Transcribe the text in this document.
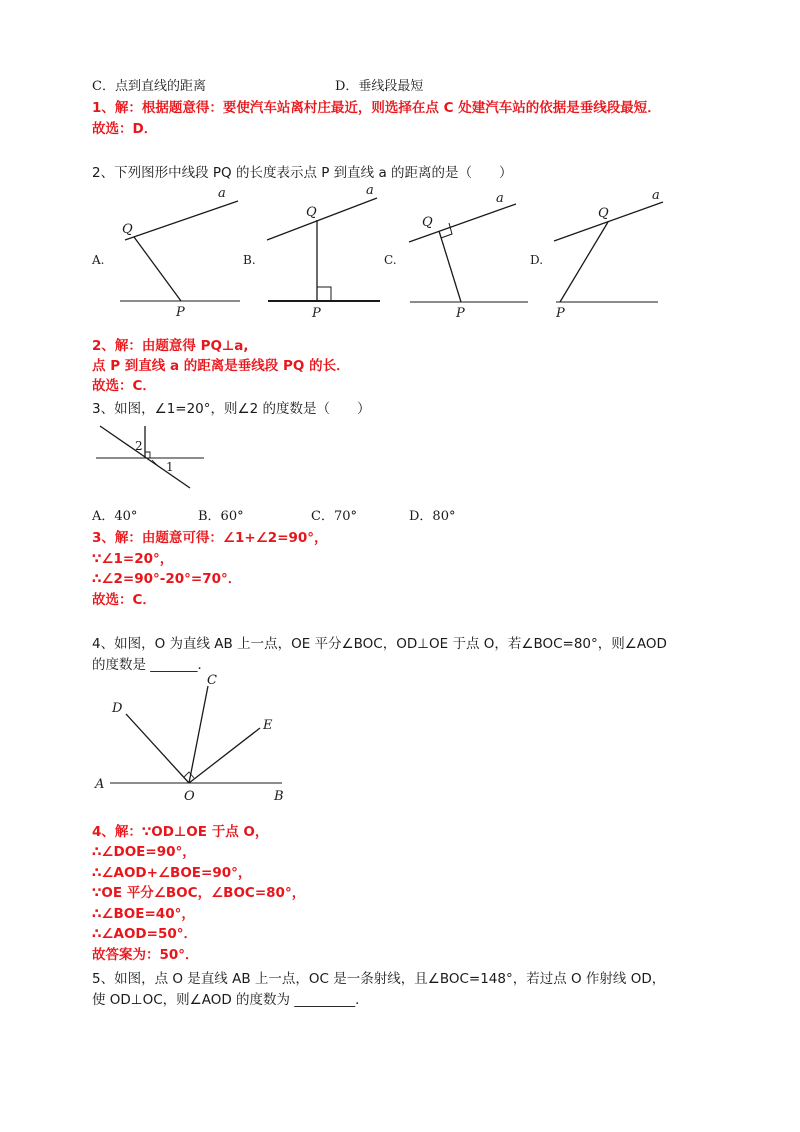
C．点到直线的距离	D．垂线段最短
1、解：根据题意得：要使汽车站离村庄最近，则选择在点 C 处建汽车站的依据是垂线段最短．
故选：D．
2、下列图形中线段 PQ 的长度表示点 P 到直线 a 的距离的是（　　）
A.	B.	C.	D.
a
Q
P
a
Q
P
a
Q
P
a
Q
P
2、解：由题意得 PQ⊥a,
点 P 到直线 a 的距离是垂线段 PQ 的长．
故选：C．
3、如图，∠1=20°，则∠2 的度数是（　　）
2
1
A．40°	B．60°	C．70°	D．80°
3、解：由题意可得：∠1+∠2=90°，
∵∠1=20°，
∴∠2=90°-20°=70°．
故选：C．
4、如图，O 为直线 AB 上一点，OE 平分∠BOC，OD⊥OE 于点 O，若∠BOC=80°，则∠AOD
的度数是 _______．
A
B
C
D
E
O
4、解：∵OD⊥OE 于点 O，
∴∠DOE=90°，
∴∠AOD+∠BOE=90°，
∵OE 平分∠BOC，∠BOC=80°，
∴∠BOE=40°，
∴∠AOD=50°．
故答案为：50°．
5、如图，点 O 是直线 AB 上一点，OC 是一条射线，且∠BOC=148°，若过点 O 作射线 OD，
使 OD⊥OC，则∠AOD 的度数为 _________．
